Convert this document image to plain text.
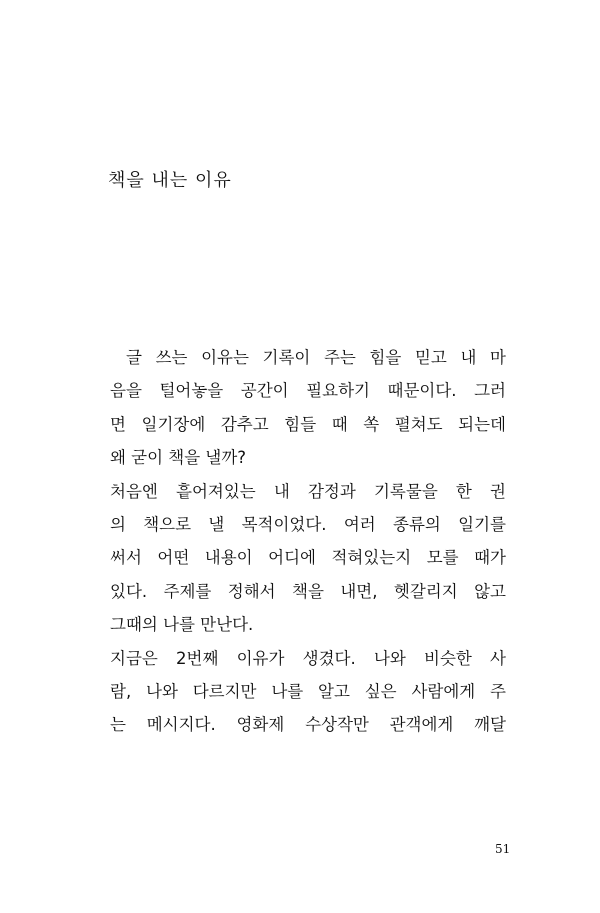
책을 내는 이유
글 쓰는 이유는 기록이 주는 힘을 믿고 내 마
음을 털어놓을 공간이 필요하기 때문이다. 그러
면 일기장에 감추고 힘들 때 쏙 펼쳐도 되는데
왜 굳이 책을 낼까?
처음엔 흩어져있는 내 감정과 기록물을 한 권
의 책으로 낼 목적이었다. 여러 종류의 일기를
써서 어떤 내용이 어디에 적혀있는지 모를 때가
있다. 주제를 정해서 책을 내면, 헷갈리지 않고
그때의 나를 만난다.
지금은 2번째 이유가 생겼다. 나와 비슷한 사
람, 나와 다르지만 나를 알고 싶은 사람에게 주
는 메시지다. 영화제 수상작만 관객에게 깨달
51
